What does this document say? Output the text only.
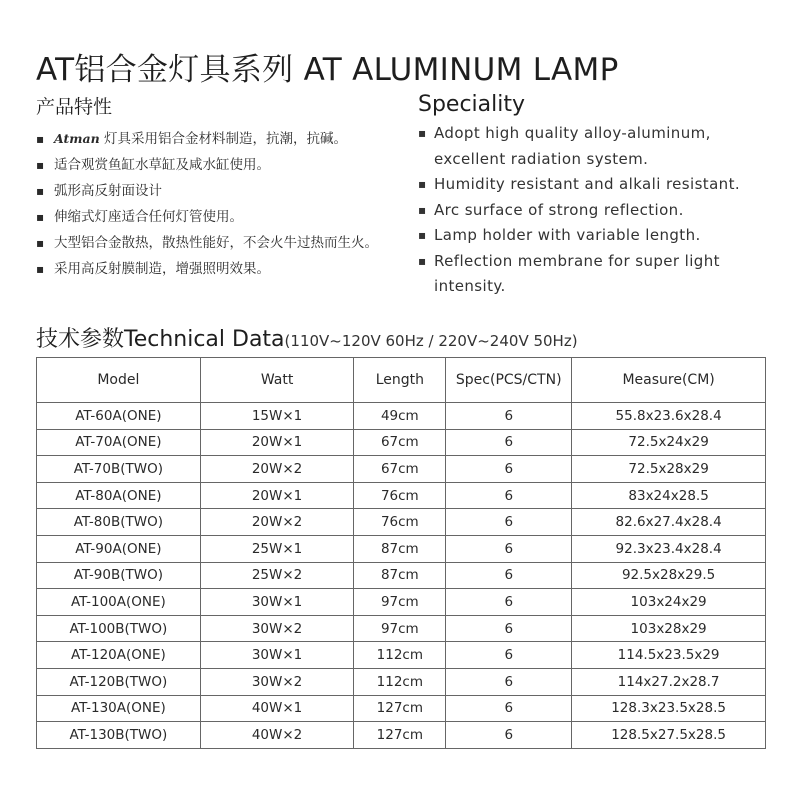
AT铝合金灯具系列 AT ALUMINUM LAMP
产品特性
▪ Atman 灯具采用铝合金材料制造，抗潮，抗碱。
▪ 适合观赏鱼缸水草缸及咸水缸使用。
▪ 弧形高反射面设计
▪ 伸缩式灯座适合任何灯管使用。
▪ 大型铝合金散热，散热性能好，不会火牛过热而生火。
▪ 采用高反射膜制造，增强照明效果。
Speciality
▪ Adopt high quality alloy-aluminum, excellent radiation system.
▪ Humidity resistant and alkali resistant.
▪ Arc surface of strong reflection.
▪ Lamp holder with variable length.
▪ Reflection membrane for super light intensity.
技术参数Technical Data(110V~120V 60Hz / 220V~240V 50Hz)
Model	Watt	Length	Spec(PCS/CTN)	Measure(CM)
AT-60A(ONE)	15W×1	49cm	6	55.8x23.6x28.4
AT-70A(ONE)	20W×1	67cm	6	72.5x24x29
AT-70B(TWO)	20W×2	67cm	6	72.5x28x29
AT-80A(ONE)	20W×1	76cm	6	83x24x28.5
AT-80B(TWO)	20W×2	76cm	6	82.6x27.4x28.4
AT-90A(ONE)	25W×1	87cm	6	92.3x23.4x28.4
AT-90B(TWO)	25W×2	87cm	6	92.5x28x29.5
AT-100A(ONE)	30W×1	97cm	6	103x24x29
AT-100B(TWO)	30W×2	97cm	6	103x28x29
AT-120A(ONE)	30W×1	112cm	6	114.5x23.5x29
AT-120B(TWO)	30W×2	112cm	6	114x27.2x28.7
AT-130A(ONE)	40W×1	127cm	6	128.3x23.5x28.5
AT-130B(TWO)	40W×2	127cm	6	128.5x27.5x28.5
